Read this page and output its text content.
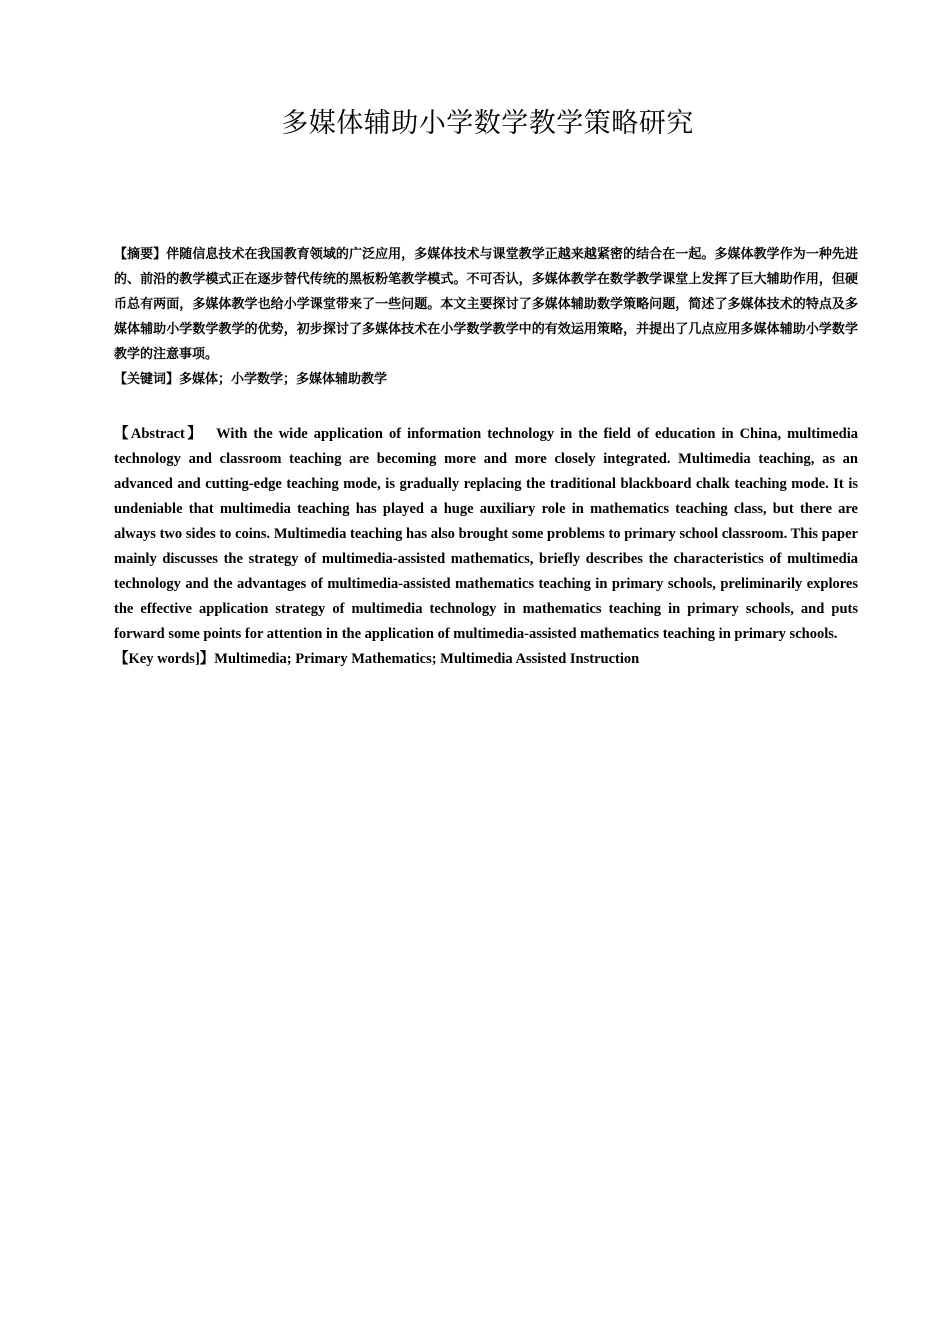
多媒体辅助小学数学教学策略研究

【摘要】伴随信息技术在我国教育领域的广泛应用，多媒体技术与课堂教学正越来越紧密的结合在一起。多媒体教学作为一种先进的、前沿的教学模式正在逐步替代传统的黑板粉笔教学模式。不可否认，多媒体教学在数学教学课堂上发挥了巨大辅助作用，但硬币总有两面，多媒体教学也给小学课堂带来了一些问题。本文主要探讨了多媒体辅助数学策略问题，简述了多媒体技术的特点及多媒体辅助小学数学教学的优势，初步探讨了多媒体技术在小学数学教学中的有效运用策略，并提出了几点应用多媒体辅助小学数学教学的注意事项。

【关键词】多媒体；小学数学；多媒体辅助教学

【Abstract】 With the wide application of information technology in the field of education in China, multimedia technology and classroom teaching are becoming more and more closely integrated. Multimedia teaching, as an advanced and cutting-edge teaching mode, is gradually replacing the traditional blackboard chalk teaching mode. It is undeniable that multimedia teaching has played a huge auxiliary role in mathematics teaching class, but there are always two sides to coins. Multimedia teaching has also brought some problems to primary school classroom. This paper mainly discusses the strategy of multimedia-assisted mathematics, briefly describes the characteristics of multimedia technology and the advantages of multimedia-assisted mathematics teaching in primary schools, preliminarily explores the effective application strategy of multimedia technology in mathematics teaching in primary schools, and puts forward some points for attention in the application of multimedia-assisted mathematics teaching in primary schools.

【Key words]】Multimedia; Primary Mathematics; Multimedia Assisted Instruction
